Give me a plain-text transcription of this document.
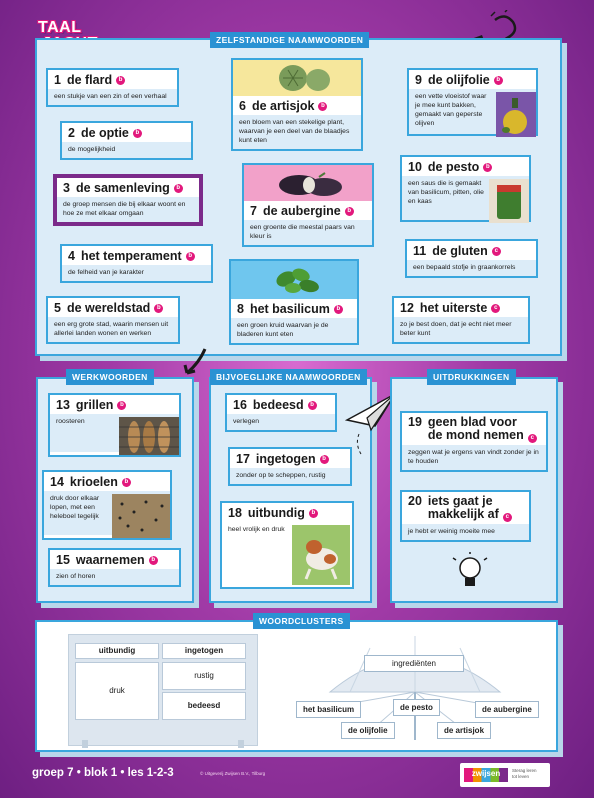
TAAL
ZELFSTANDIGE NAAMWOORDEN
1 de flard	b
een stukje van een zin of een verhaal
2 de optie	b
de mogelijkheid
3 de samenleving	b
de groep mensen die bij elkaar woont en hoe ze met elkaar omgaan
4 het temperament	b
de felheid van je karakter
5 de wereldstad	b
een erg grote stad, waarin mensen uit allerlei landen wonen en werken
6 de artisjok	b
een bloem van een stekelige plant, waarvan je een deel van de blaadjes kunt eten
7 de aubergine	b
een groente die meestal paars van kleur is
8 het basilicum	b
een groen kruid waarvan je de bladeren kunt eten
9 de olijfolie	b
een vette vloeistof waar je mee kunt bakken, gemaakt van geperste olijven
10 de pesto	b
een saus die is gemaakt van basilicum, pitten, olie en kaas
11 de gluten	c
een bepaald stofje in graankorrels
12 het uiterste	c
zo je best doen, dat je echt niet meer beter kunt
WERKWOORDEN
13 grillen	b
roosteren
14 krioelen	b
druk door elkaar lopen, met een heleboel tegelijk
15 waarnemen	b
zien of horen
BIJVOEGLIJKE NAAMWOORDEN
16 bedeesd	b
verlegen
17 ingetogen	b
zonder op te scheppen, rustig
18 uitbundig	b
heel vrolijk en druk
UITDRUKKINGEN
19 geen blad voor
de mond nemen c
zeggen wat je ergens van vindt zonder je in te houden
20 iets gaat je
makkelijk af c
je hebt er weinig moeite mee
WOORDCLUSTERS
uitbundig	ingetogen
druk
rustig
bedeesd
ingrediënten
het basilicum	de pesto	de aubergine
de olijfolie	de artisjok
groep 7 • blok 1 • les 1-2-3	© Uitgeverij Zwijsen B.V., Tilburg	zwijsen	Sterag leren
tot leven
